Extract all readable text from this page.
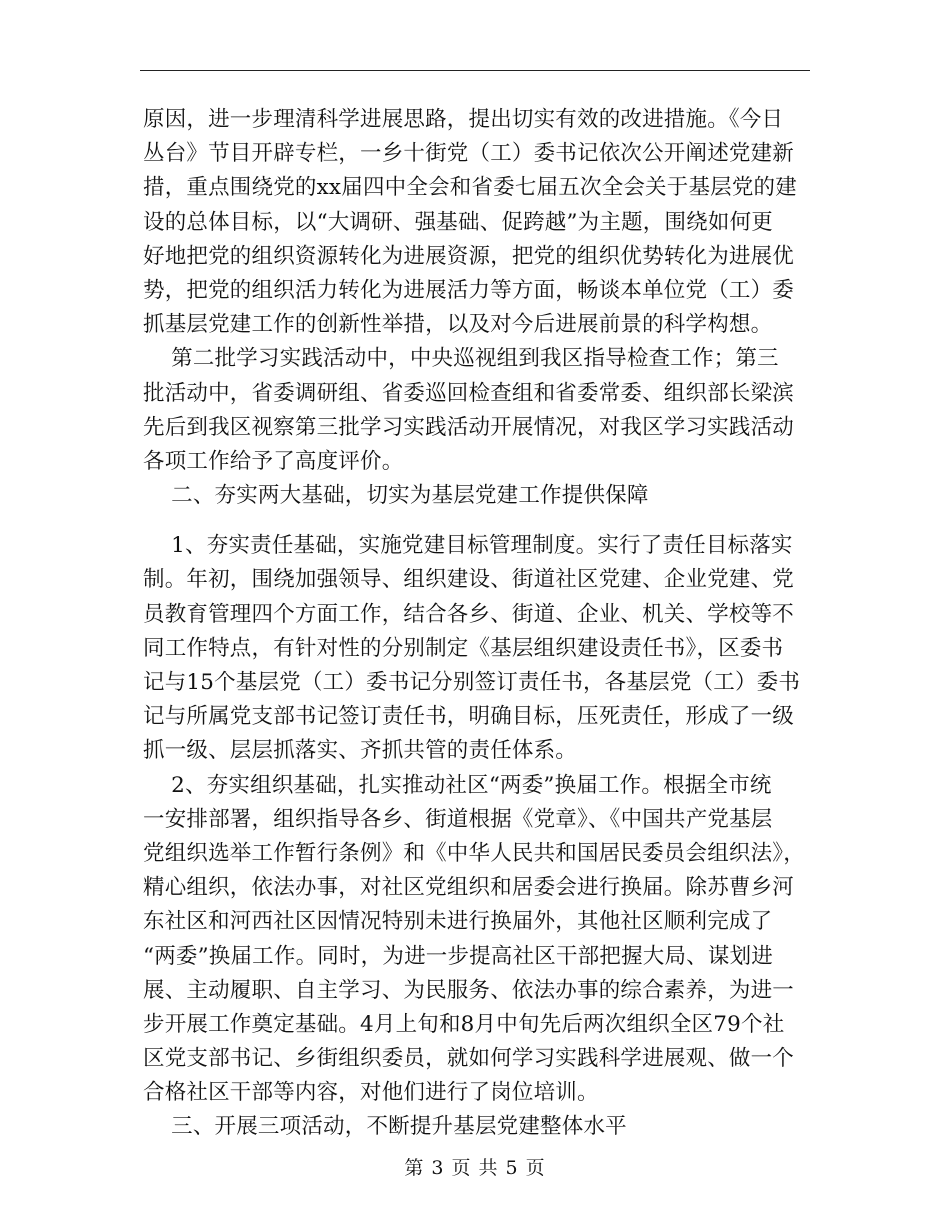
原因，进一步理清科学进展思路，提出切实有效的改进措施。《今日
丛台》节目开辟专栏，一乡十街党（工）委书记依次公开阐述党建新
措，重点围绕党的xx届四中全会和省委七届五次全会关于基层党的建
设的总体目标，以“大调研、强基础、促跨越”为主题，围绕如何更
好地把党的组织资源转化为进展资源，把党的组织优势转化为进展优
势，把党的组织活力转化为进展活力等方面，畅谈本单位党（工）委
抓基层党建工作的创新性举措，以及对今后进展前景的科学构想。
第二批学习实践活动中，中央巡视组到我区指导检查工作；第三
批活动中，省委调研组、省委巡回检查组和省委常委、组织部长梁滨
先后到我区视察第三批学习实践活动开展情况，对我区学习实践活动
各项工作给予了高度评价。
二、夯实两大基础，切实为基层党建工作提供保障
1、夯实责任基础，实施党建目标管理制度。实行了责任目标落实
制。年初，围绕加强领导、组织建设、街道社区党建、企业党建、党
员教育管理四个方面工作，结合各乡、街道、企业、机关、学校等不
同工作特点，有针对性的分别制定《基层组织建设责任书》，区委书
记与15个基层党（工）委书记分别签订责任书，各基层党（工）委书
记与所属党支部书记签订责任书，明确目标，压死责任，形成了一级
抓一级、层层抓落实、齐抓共管的责任体系。
2、夯实组织基础，扎实推动社区“两委”换届工作。根据全市统
一安排部署，组织指导各乡、街道根据《党章》、《中国共产党基层
党组织选举工作暂行条例》和《中华人民共和国居民委员会组织法》，
精心组织，依法办事，对社区党组织和居委会进行换届。除苏曹乡河
东社区和河西社区因情况特别未进行换届外，其他社区顺利完成了
“两委”换届工作。同时，为进一步提高社区干部把握大局、谋划进
展、主动履职、自主学习、为民服务、依法办事的综合素养，为进一
步开展工作奠定基础。4月上旬和8月中旬先后两次组织全区79个社
区党支部书记、乡街组织委员，就如何学习实践科学进展观、做一个
合格社区干部等内容，对他们进行了岗位培训。
三、开展三项活动，不断提升基层党建整体水平
第 3 页 共 5 页
